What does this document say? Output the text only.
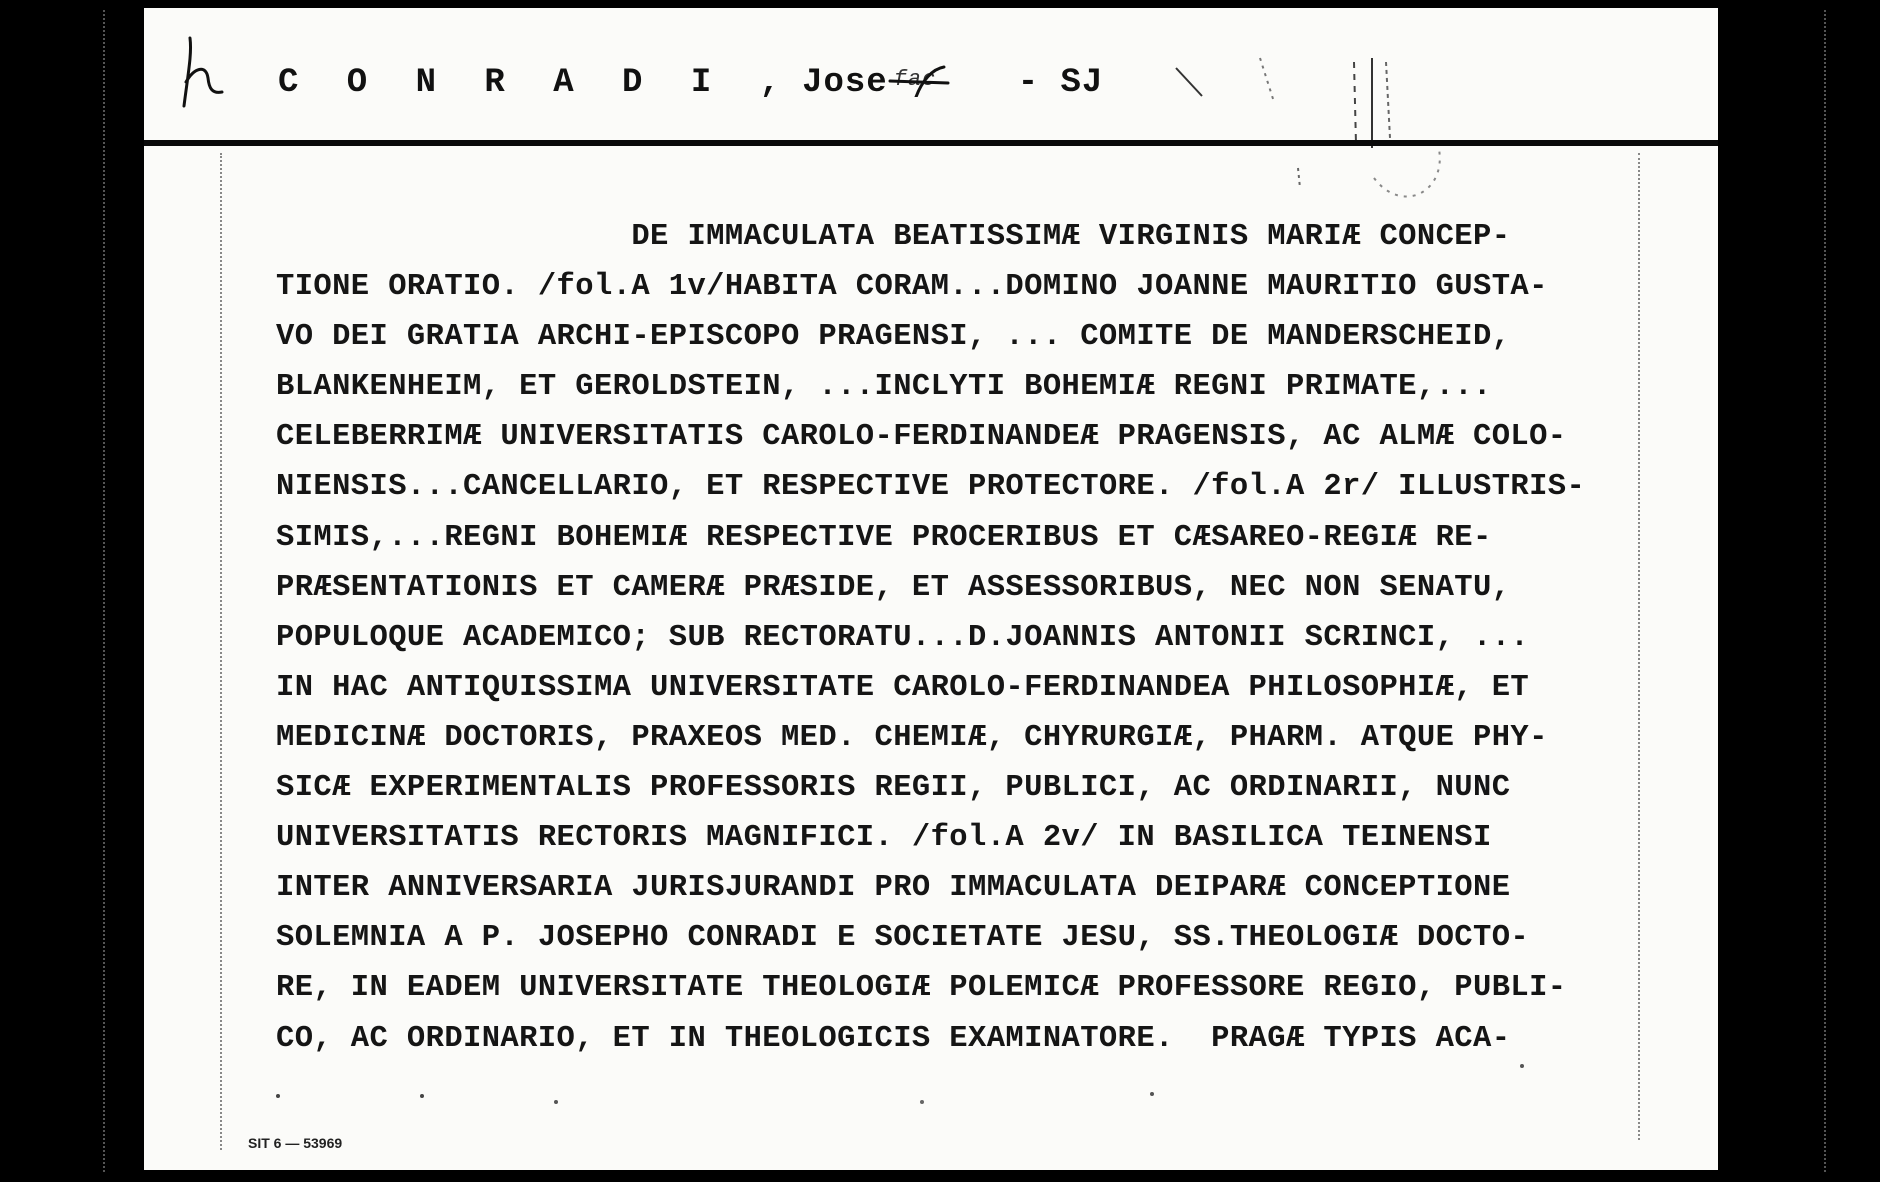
C O N R A D I , Jose fac - SJ
DE IMMACULATA BEATISSIMÆ VIRGINIS MARIÆ CONCEP-
TIONE ORATIO. /fol.A 1v/HABITA CORAM...DOMINO JOANNE MAURITIO GUSTA-
VO DEI GRATIA ARCHI-EPISCOPO PRAGENSI, ... COMITE DE MANDERSCHEID,
BLANKENHEIM, ET GEROLDSTEIN, ...INCLYTI BOHEMIÆ REGNI PRIMATE,...
CELEBERRIMÆ UNIVERSITATIS CAROLO-FERDINANDEÆ PRAGENSIS, AC ALMÆ COLO-
NIENSIS...CANCELLARIO, ET RESPECTIVE PROTECTORE. /fol.A 2r/ ILLUSTRIS-
SIMIS,...REGNI BOHEMIÆ RESPECTIVE PROCERIBUS ET CÆSAREO-REGIÆ RE-
PRÆSENTATIONIS ET CAMERÆ PRÆSIDE, ET ASSESSORIBUS, NEC NON SENATU,
POPULOQUE ACADEMICO; SUB RECTORATU...D.JOANNIS ANTONII SCRINCI, ...
IN HAC ANTIQUISSIMA UNIVERSITATE CAROLO-FERDINANDEA PHILOSOPHIÆ, ET
MEDICINÆ DOCTORIS, PRAXEOS MED. CHEMIÆ, CHYRURGIÆ, PHARM. ATQUE PHY-
SICÆ EXPERIMENTALIS PROFESSORIS REGII, PUBLICI, AC ORDINARII, NUNC
UNIVERSITATIS RECTORIS MAGNIFICI. /fol.A 2v/ IN BASILICA TEINENSI
INTER ANNIVERSARIA JURISJURANDI PRO IMMACULATA DEIPARÆ CONCEPTIONE
SOLEMNIA A P. JOSEPHO CONRADI E SOCIETATE JESU, SS.THEOLOGIÆ DOCTO-
RE, IN EADEM UNIVERSITATE THEOLOGIÆ POLEMICÆ PROFESSORE REGIO, PUBLI-
CO, AC ORDINARIO, ET IN THEOLOGICIS EXAMINATORE.  PRAGÆ TYPIS ACA-
SIT 6 — 53969
